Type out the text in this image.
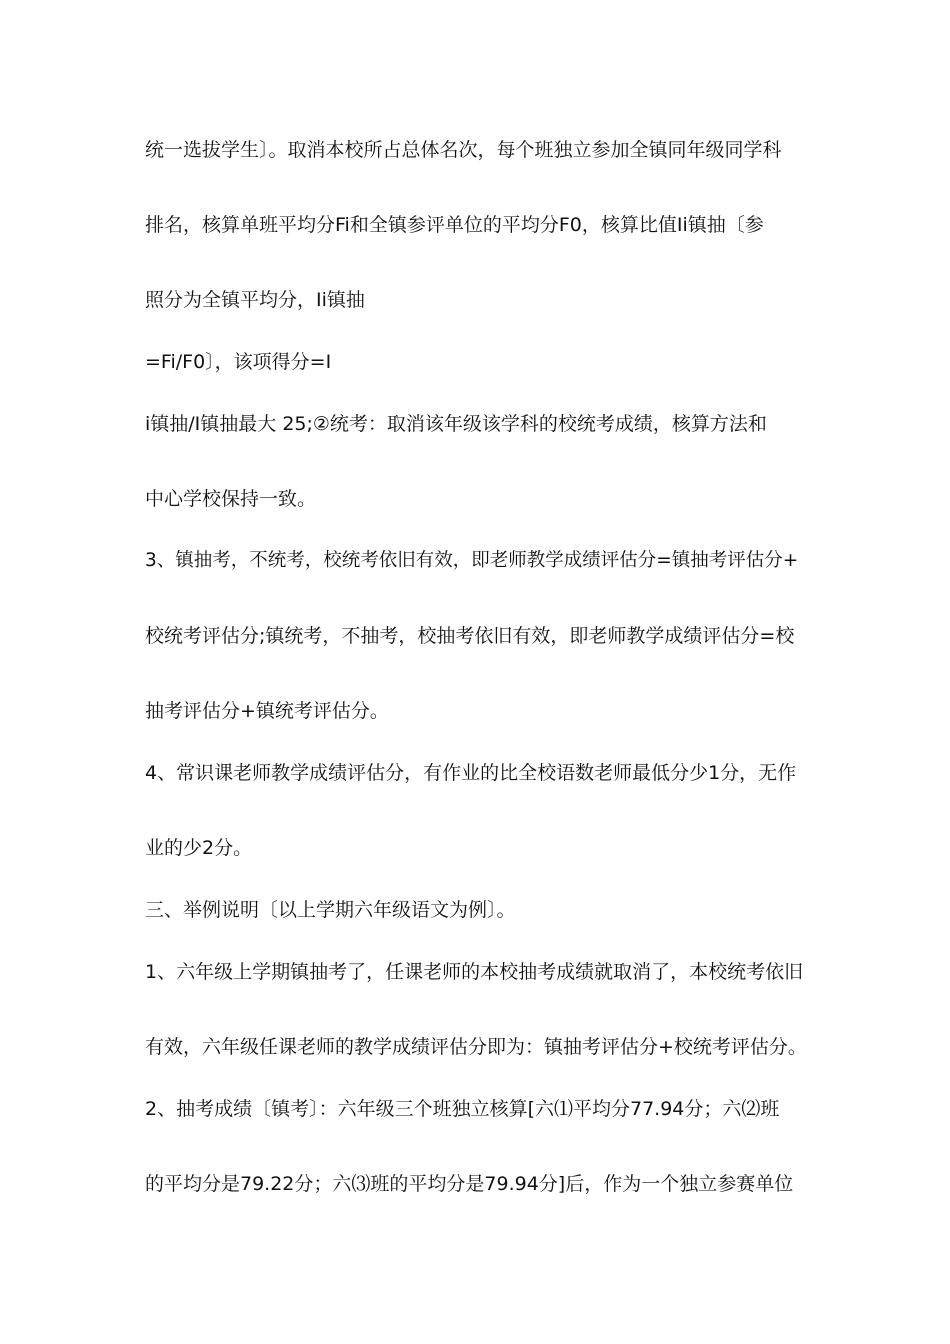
统一选拔学生〕。取消本校所占总体名次，每个班独立参加全镇同年级同学科
排名，核算单班平均分Fi和全镇参评单位的平均分F0，核算比值Ii镇抽〔参
照分为全镇平均分，Ii镇抽
=Fi/F0〕，该项得分=I
i镇抽/I镇抽最大 25;②统考：取消该年级该学科的校统考成绩，核算方法和
中心学校保持一致。
3、镇抽考，不统考，校统考依旧有效，即老师教学成绩评估分=镇抽考评估分+
校统考评估分;镇统考，不抽考，校抽考依旧有效，即老师教学成绩评估分=校
抽考评估分+镇统考评估分。
4、常识课老师教学成绩评估分，有作业的比全校语数老师最低分少1分，无作
业的少2分。
三、举例说明〔以上学期六年级语文为例〕。
1、六年级上学期镇抽考了，任课老师的本校抽考成绩就取消了，本校统考依旧
有效，六年级任课老师的教学成绩评估分即为：镇抽考评估分+校统考评估分。
2、抽考成绩〔镇考〕：六年级三个班独立核算[六⑴平均分77.94分；六⑵班
的平均分是79.22分；六⑶班的平均分是79.94分]后，作为一个独立参赛单位
